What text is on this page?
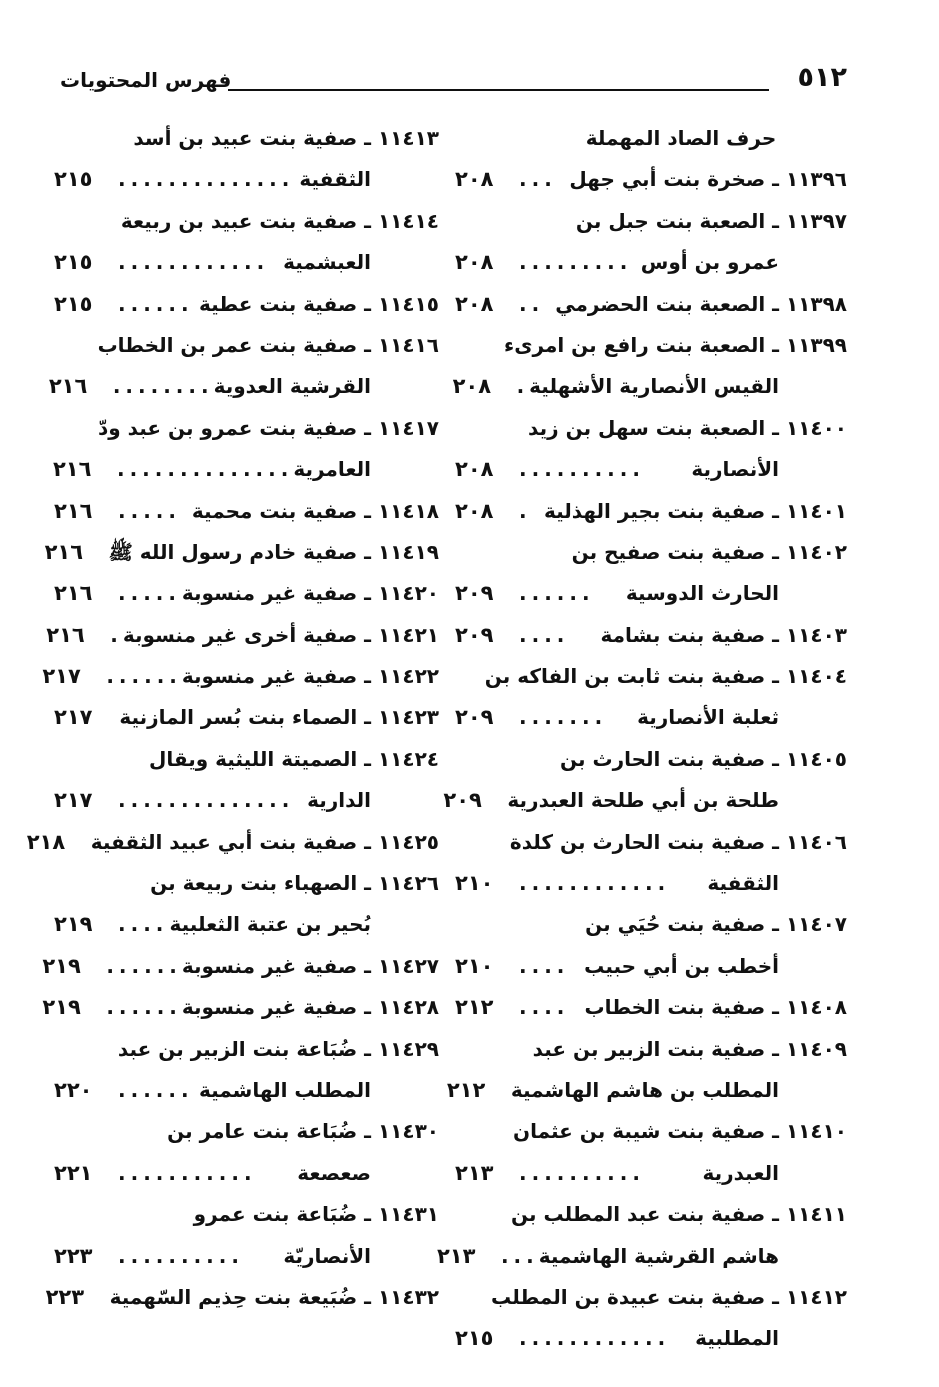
٥١٢
فهرس المحتويات
حرف الصاد المهملة
١١٣٩٦ ـ صخرة بنت أبي جهل
...
٢٠٨
١١٣٩٧ ـ الصعبة بنت جبل بن
عمرو بن أوس
.........
٢٠٨
١١٣٩٨ ـ الصعبة بنت الحضرمي
..
٢٠٨
١١٣٩٩ ـ الصعبة بنت رافع بن امرىء
القيس الأنصارية الأشهلية
.
٢٠٨
١١٤٠٠ ـ الصعبة بنت سهل بن زيد
الأنصارية
..........
٢٠٨
١١٤٠١ ـ صفية بنت بجير الهذلية
.
٢٠٨
١١٤٠٢ ـ صفية بنت صفيح بن
الحارث الدوسية
......
٢٠٩
١١٤٠٣ ـ صفية بنت بشامة
....
٢٠٩
١١٤٠٤ ـ صفية بنت ثابت بن الفاكه بن
ثعلبة الأنصارية
.......
٢٠٩
١١٤٠٥ ـ صفية بنت الحارث بن
طلحة بن أبي طلحة العبدرية
٢٠٩
١١٤٠٦ ـ صفية بنت الحارث بن كلدة
الثقفية
............
٢١٠
١١٤٠٧ ـ صفية بنت حُيَي بن
أخطب بن أبي حبيب
....
٢١٠
١١٤٠٨ ـ صفية بنت الخطاب
....
٢١٢
١١٤٠٩ ـ صفية بنت الزبير بن عبد
المطلب بن هاشم الهاشمية
٢١٢
١١٤١٠ ـ صفية بنت شيبة بن عثمان
العبدرية
..........
٢١٣
١١٤١١ ـ صفية بنت عبد المطلب بن
هاشم القرشية الهاشمية
...
٢١٣
١١٤١٢ ـ صفية بنت عبيدة بن المطلب
المطلبية
............
٢١٥
١١٤١٣ ـ صفية بنت عبيد بن أسد
الثقفية
..............
٢١٥
١١٤١٤ ـ صفية بنت عبيد بن ربيعة
العبشمية
............
٢١٥
١١٤١٥ ـ صفية بنت عطية
......
٢١٥
١١٤١٦ ـ صفية بنت عمر بن الخطاب
القرشية العدوية
........
٢١٦
١١٤١٧ ـ صفية بنت عمرو بن عبد ودّ
العامرية
..............
٢١٦
١١٤١٨ ـ صفية بنت محمية
.....
٢١٦
١١٤١٩ ـ صفية خادم رسول الله ﷺ
٢١٦
١١٤٢٠ ـ صفية غير منسوبة
.....
٢١٦
١١٤٢١ ـ صفية أخرى غير منسوبة
.
٢١٦
١١٤٢٢ ـ صفية غير منسوبة
......
٢١٧
١١٤٢٣ ـ الصماء بنت بُسر المازنية
٢١٧
١١٤٢٤ ـ الصميتة الليثية ويقال
الدارية
..............
٢١٧
١١٤٢٥ ـ صفية بنت أبي عبيد الثقفية
٢١٨
١١٤٢٦ ـ الصهباء بنت ربيعة بن
بُحير بن عتبة الثعلبية
....
٢١٩
١١٤٢٧ ـ صفية غير منسوبة
......
٢١٩
١١٤٢٨ ـ صفية غير منسوبة
......
٢١٩
١١٤٢٩ ـ ضُبَاعة بنت الزبير بن عبد
المطلب الهاشمية
......
٢٢٠
١١٤٣٠ ـ ضُبَاعة بنت عامر بن
صعصعة
...........
٢٢١
١١٤٣١ ـ ضُبَاعة بنت عمرو
الأنصاريّة
..........
٢٢٣
١١٤٣٢ ـ ضُبَيعة بنت حِذيم السّهمية
٢٢٣
